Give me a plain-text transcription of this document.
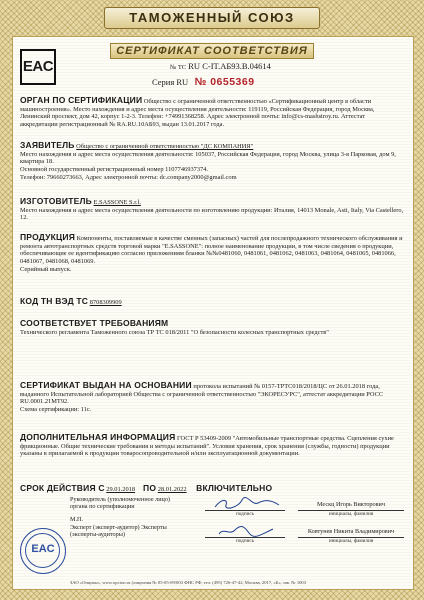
ТАМОЖЕННЫЙ СОЮЗ
EAC
СЕРТИФИКАТ СООТВЕТСТВИЯ
№ ТС RU C-IT.АБ93.В.04614
Серия RU № 0655369
ОРГАН ПО СЕРТИФИКАЦИИ Общество с ограниченной ответственностью «Сертификационный центр в области машиностроения». Место нахождения и адрес места осуществления деятельности: 119119, Российская Федерация, город Москва, Ленинский проспект, дом 42, корпус 1-2-3. Телефон: +74991368258. Адрес электронной почты: info@cs-mashstroy.ru. Аттестат аккредитации регистрационный № RA.RU.10АБ93, выдан 13.01.2017 года.
ЗАЯВИТЕЛЬ Общество с ограниченной ответственностью "ДС КОМПАНИЯ"
Место нахождения и адрес места осуществления деятельности: 105037, Российская Федерация, город Москва, улица 3-я Парковая, дом 9, квартира 18.
Основной государственный регистрационный номер 1107746937374.
Телефон: 79660273663, Адрес электронной почты: dc.company2000@gmail.com
ИЗГОТОВИТЕЛЬ E.SASSONE S.r.l.
Место нахождения и адрес места осуществления деятельности по изготовлению продукции: Италия, 14013 Monale, Asti, Italy, Via Castellero, 12.
ПРОДУКЦИЯ Компоненты, поставляемые в качестве сменных (запасных) частей для послепродажного технического обслуживания и ремонта автотранспортных средств торговой марки "E.SASSONE": полное наименование продукции, в том числе сведения о продукции, обеспечивающие ее идентификацию согласно приложениям бланки №№0481060, 0481061, 0481062, 0481063, 0481064, 0481065, 0481066, 0481067, 0481068, 0481069.
Серийный выпуск.
КОД ТН ВЭД ТС 8708309909
СООТВЕТСТВУЕТ ТРЕБОВАНИЯМ
Технического регламента Таможенного союза ТР ТС 018/2011 "О безопасности колесных транспортных средств"
СЕРТИФИКАТ ВЫДАН НА ОСНОВАНИИ протокола испытаний № 0157-ТРТС018/2018/ЦС от 26.01.2018 года, выданного Испытательной лабораторией Общества с ограниченной ответственностью "ЭКОРЕСУРС", аттестат аккредитации РОСС RU.0001.21МТ92.
Схема сертификации: 11с.
ДОПОЛНИТЕЛЬНАЯ ИНФОРМАЦИЯ ГОСТ Р 53409-2009 "Автомобильные транспортные средства. Сцепления сухие фрикционные. Общие технические требования и методы испытаний". Условия хранения, срок хранения (службы, годности) продукции указаны в прилагаемой к продукции товаросопроводительной и/или эксплуатационной документации.
СРОК ДЕЙСТВИЯ С 29.01.2018 ПО 28.01.2022 ВКЛЮЧИТЕЛЬНО
EAC
Руководитель (уполномоченное лицо) органа по сертификации
М.П.
подпись
Мескц Игорь Викторович
инициалы, фамилия
Эксперт (эксперт-аудитор) Эксперты (эксперты-аудиторы)
подпись
Ковтунев Никита Владимирович
инициалы, фамилия
ЗАО «Опцион», www.opcion.ru (лицензия № 05-05-09/003 ФНС РФ, тел. (495) 726-47-42, Москва, 2017, «Б», зак. № 1003
